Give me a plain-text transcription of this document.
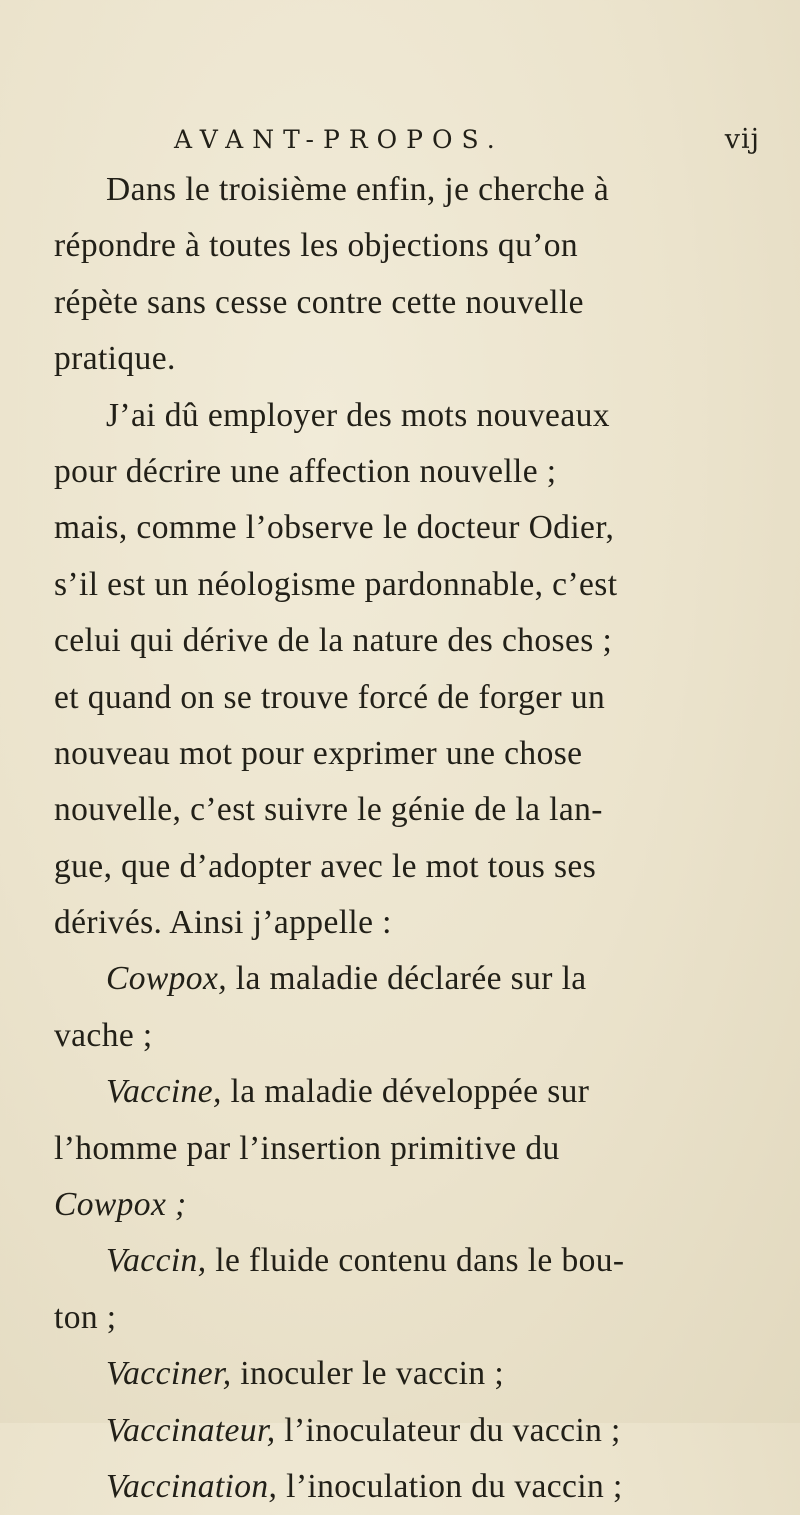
AVANT-PROPOS.	vij
Dans le troisième enfin, je cherche à
répondre à toutes les objections qu’on
répète sans cesse contre cette nouvelle
pratique.
J’ai dû employer des mots nouveaux
pour décrire une affection nouvelle ;
mais, comme l’observe le docteur Odier,
s’il est un néologisme pardonnable, c’est
celui qui dérive de la nature des choses ;
et quand on se trouve forcé de forger un
nouveau mot pour exprimer une chose
nouvelle, c’est suivre le génie de la lan-
gue, que d’adopter avec le mot tous ses
dérivés. Ainsi j’appelle :
Cowpox, la maladie déclarée sur la
vache ;
Vaccine, la maladie développée sur
l’homme par l’insertion primitive du
Cowpox ;
Vaccin, le fluide contenu dans le bou-
ton ;
Vacciner, inoculer le vaccin ;
Vaccinateur, l’inoculateur du vaccin ;
Vaccination, l’inoculation du vaccin ;
